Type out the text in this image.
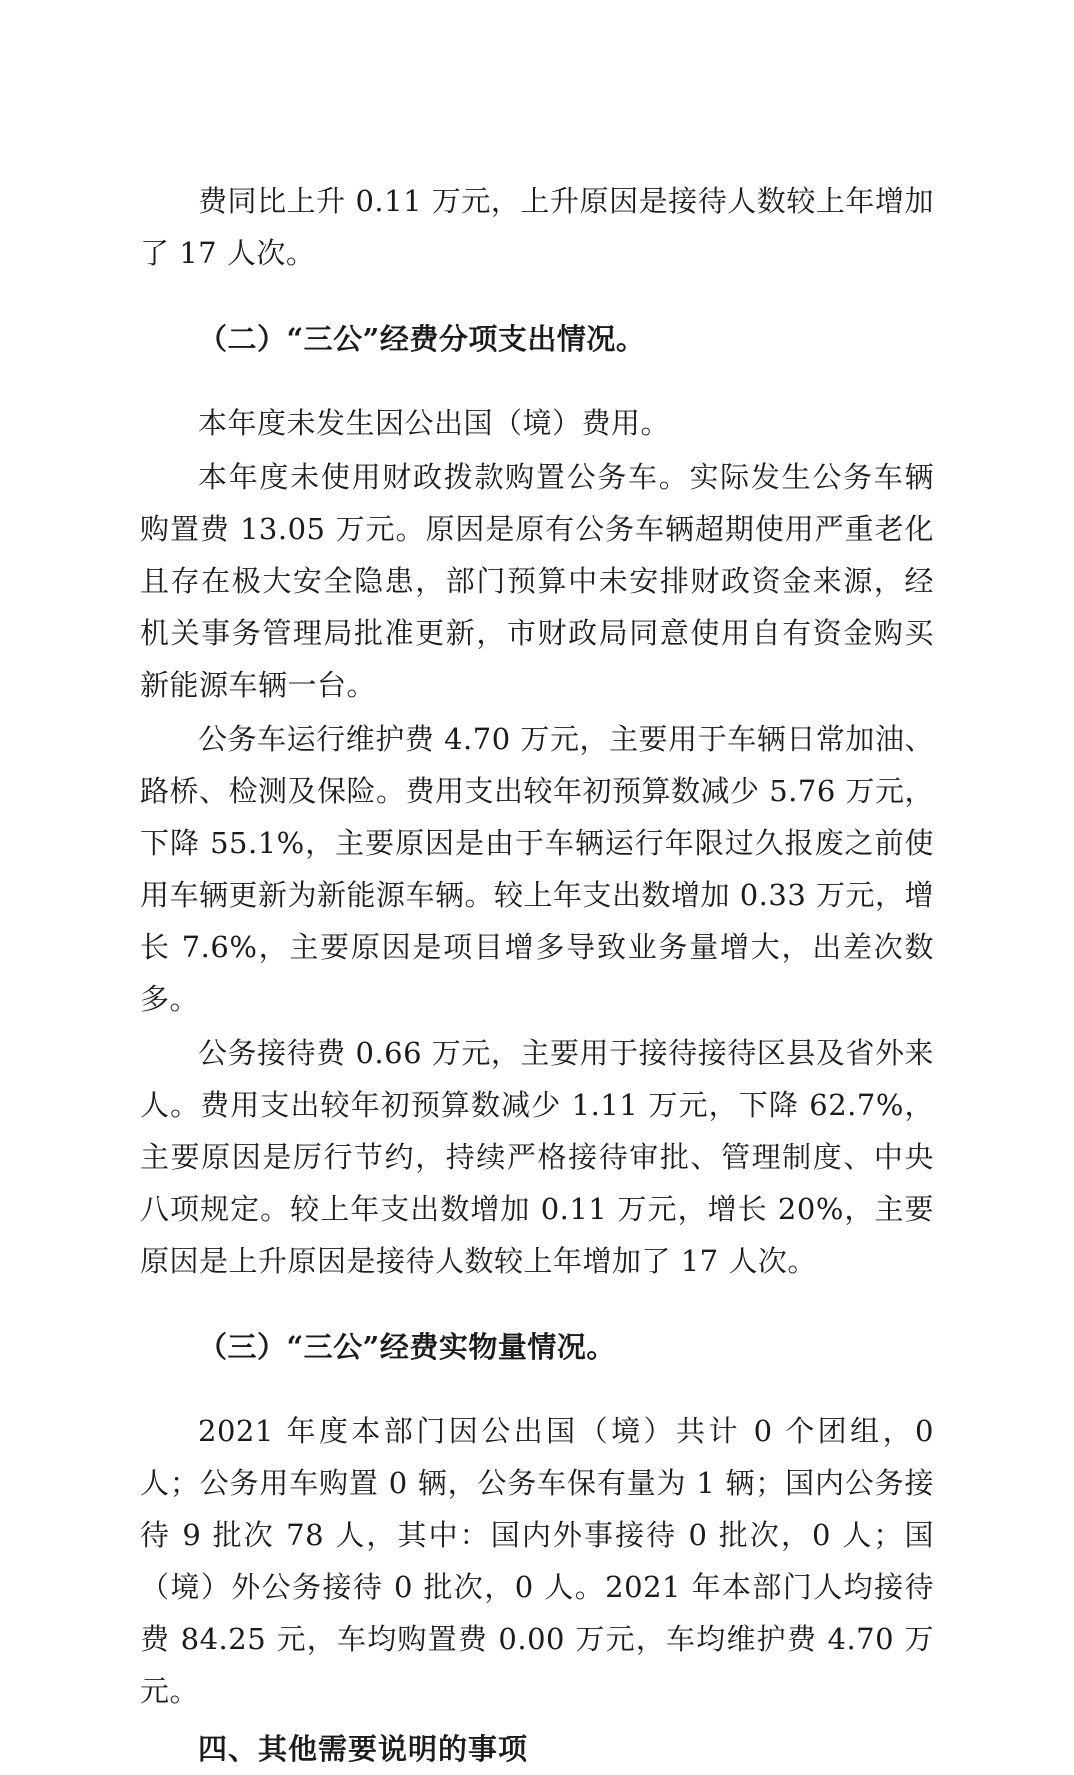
费同比上升 0.11 万元，上升原因是接待人数较上年增加了 17 人次。

（二）“三公”经费分项支出情况。

本年度未发生因公出国（境）费用。

本年度未使用财政拨款购置公务车。实际发生公务车辆购置费 13.05 万元。原因是原有公务车辆超期使用严重老化且存在极大安全隐患，部门预算中未安排财政资金来源，经机关事务管理局批准更新，市财政局同意使用自有资金购买新能源车辆一台。

公务车运行维护费 4.70 万元，主要用于车辆日常加油、路桥、检测及保险。费用支出较年初预算数减少 5.76 万元，下降 55.1%，主要原因是由于车辆运行年限过久报废之前使用车辆更新为新能源车辆。较上年支出数增加 0.33 万元，增长 7.6%，主要原因是项目增多导致业务量增大，出差次数多。

公务接待费 0.66 万元，主要用于接待接待区县及省外来人。费用支出较年初预算数减少 1.11 万元，下降 62.7%，主要原因是厉行节约，持续严格接待审批、管理制度、中央八项规定。较上年支出数增加 0.11 万元，增长 20%，主要原因是上升原因是接待人数较上年增加了 17 人次。

（三）“三公”经费实物量情况。

2021 年度本部门因公出国（境）共计 0 个团组，0 人；公务用车购置 0 辆，公务车保有量为 1 辆；国内公务接待 9 批次 78 人，其中：国内外事接待 0 批次，0 人；国（境）外公务接待 0 批次，0 人。2021 年本部门人均接待费 84.25 元，车均购置费 0.00 万元，车均维护费 4.70 万元。

四、其他需要说明的事项
